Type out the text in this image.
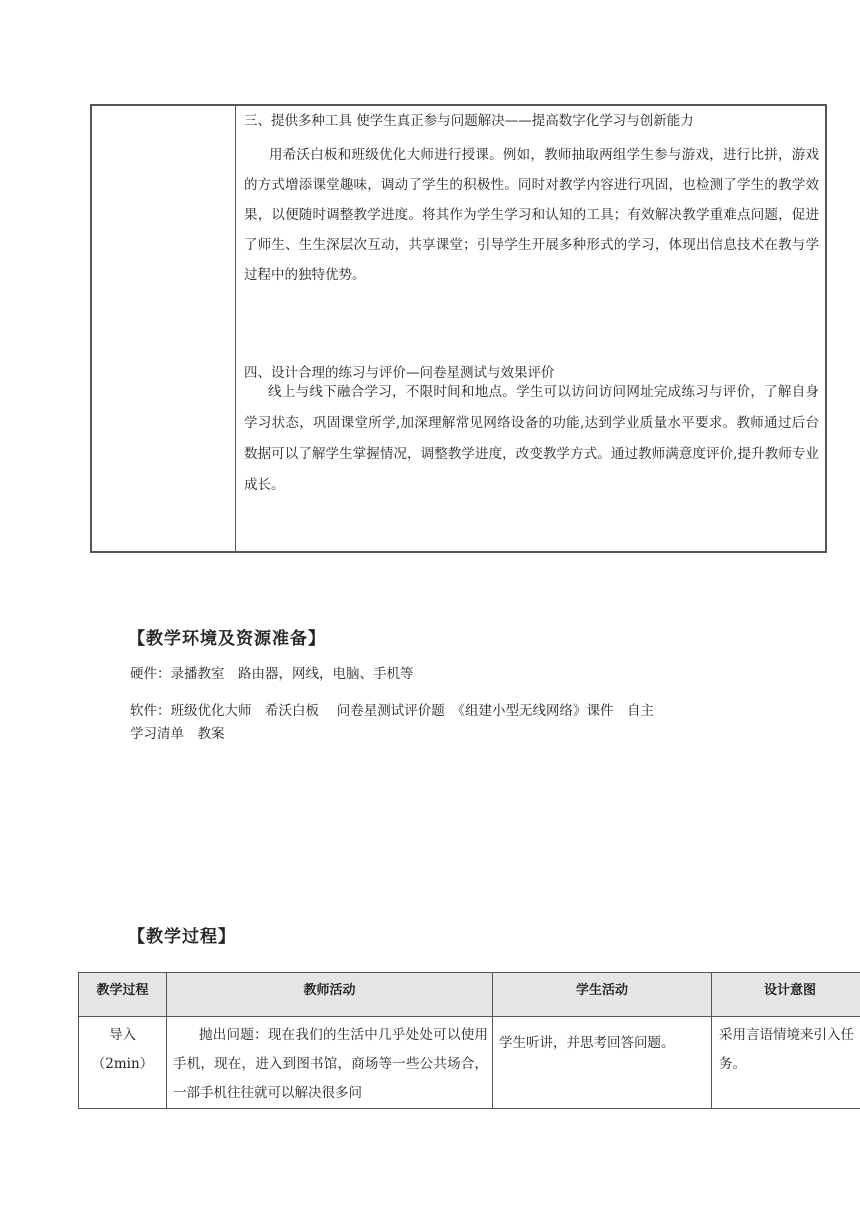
三、提供多种工具 使学生真正参与问题解决——提高数字化学习与创新能力

用希沃白板和班级优化大师进行授课。例如，教师抽取两组学生参与游戏，进行比拼，游戏的方式增添课堂趣味，调动了学生的积极性。同时对教学内容进行巩固，也检测了学生的教学效果，以便随时调整教学进度。将其作为学生学习和认知的工具；有效解决教学重难点问题，促进了师生、生生深层次互动，共享课堂；引导学生开展多种形式的学习，体现出信息技术在教与学过程中的独特优势。

四、设计合理的练习与评价—问卷星测试与效果评价

线上与线下融合学习，不限时间和地点。学生可以访问访问网址完成练习与评价，了解自身学习状态，巩固课堂所学,加深理解常见网络设备的功能,达到学业质量水平要求。教师通过后台数据可以了解学生掌握情况，调整教学进度，改变教学方式。通过教师满意度评价,提升教师专业成长。

【教学环境及资源准备】
硬件：录播教室　路由器，网线，电脑、手机等
软件：班级优化大师　希沃白板　 问卷星测试评价题　《组建小型无线网络》课件　自主
学习清单　教案
【教学过程】
教学过程	教师活动	学生活动	设计意图

导入
（2min）	抛出问题：现在我们的生活中几乎处处可以使用手机，现在，进入到图书馆，商场等一些公共场合，一部手机往往就可以解决很多问	学生听讲，并思考回答问题。	采用言语情境来引入任务。
